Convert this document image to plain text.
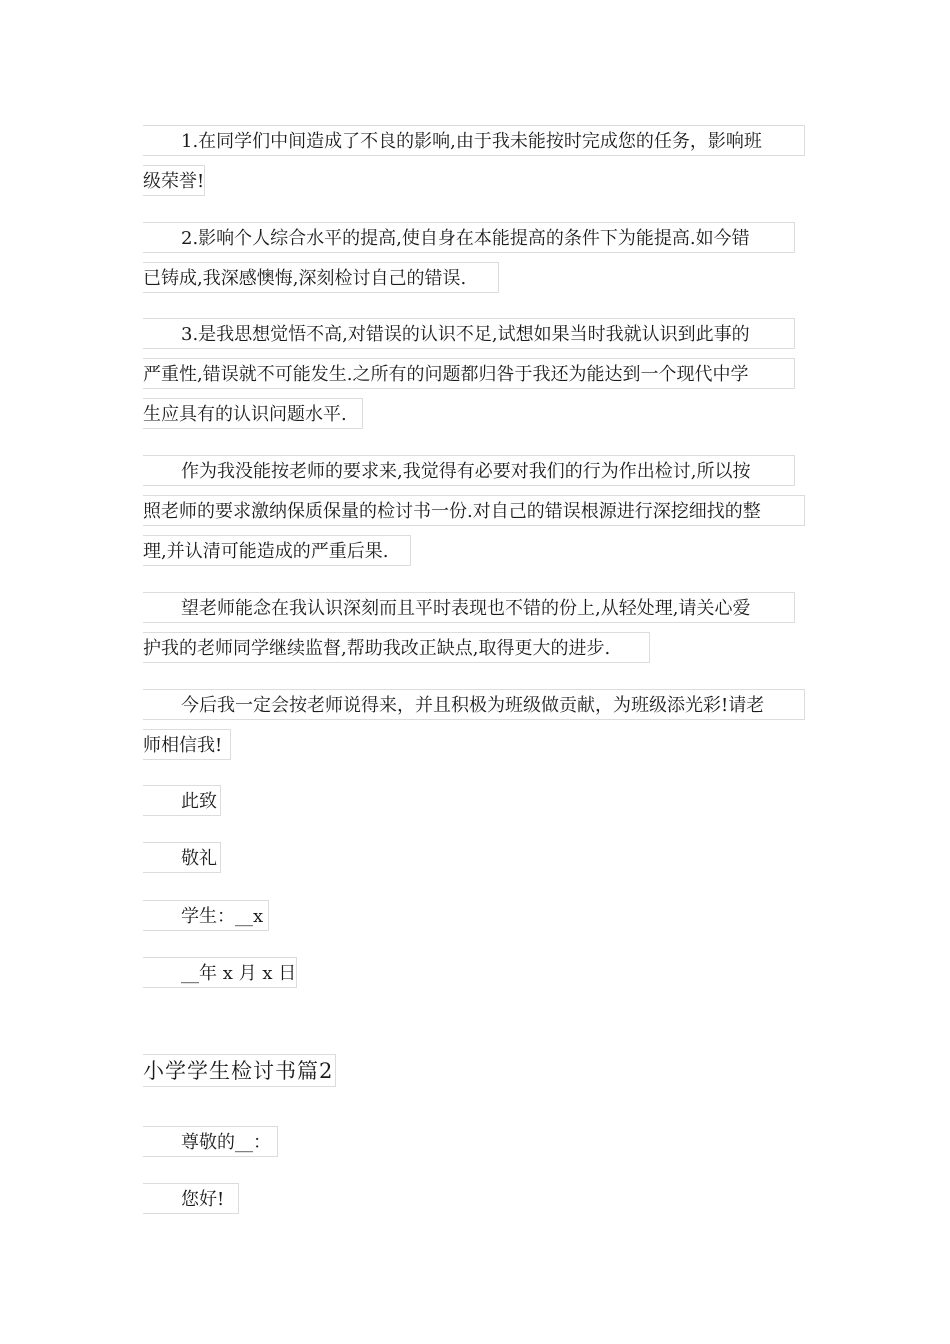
1.在同学们中间造成了不良的影响,由于我未能按时完成您的任务，影响班
级荣誉!
2.影响个人综合水平的提高,使自身在本能提高的条件下为能提高.如今错
已铸成,我深感懊悔,深刻检讨自己的错误.
3.是我思想觉悟不高,对错误的认识不足,试想如果当时我就认识到此事的
严重性,错误就不可能发生.之所有的问题都归咎于我还为能达到一个现代中学
生应具有的认识问题水平.
作为我没能按老师的要求来,我觉得有必要对我们的行为作出检讨,所以按
照老师的要求激纳保质保量的检讨书一份.对自己的错误根源进行深挖细找的整
理,并认清可能造成的严重后果.
望老师能念在我认识深刻而且平时表现也不错的份上,从轻处理,请关心爱
护我的老师同学继续监督,帮助我改正缺点,取得更大的进步.
今后我一定会按老师说得来，并且积极为班级做贡献，为班级添光彩!请老
师相信我!
此致
敬礼
学生：__x
__年 x 月 x 日
小学学生检讨书篇2
尊敬的__：
您好!
